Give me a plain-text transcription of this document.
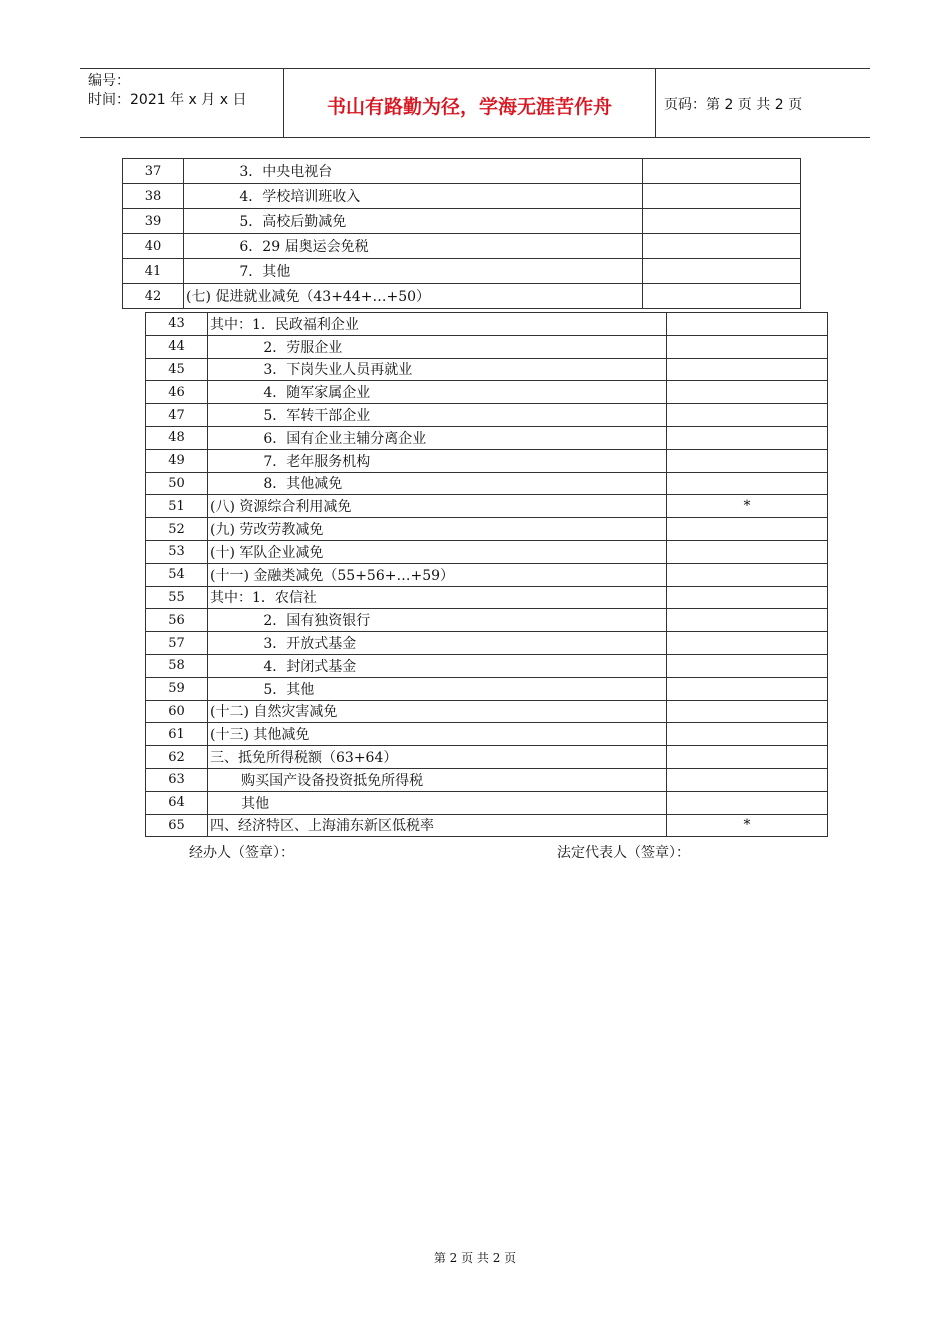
编号：
时间：2021 年 x 月 x 日	书山有路勤为径，学海无涯苦作舟	页码：第 2 页 共 2 页
37	3．中央电视台	
38	4．学校培训班收入	
39	5．高校后勤减免	
40	6．29 届奥运会免税	
41	7．其他	
42	(七) 促进就业减免（43+44+…+50）	
43	其中：1．民政福利企业	
44	2．劳服企业	
45	3．下岗失业人员再就业	
46	4．随军家属企业	
47	5．军转干部企业	
48	6．国有企业主辅分离企业	
49	7．老年服务机构	
50	8．其他减免	
51	(八) 资源综合利用减免	*
52	(九) 劳改劳教减免	
53	(十) 军队企业减免	
54	(十一) 金融类减免（55+56+…+59）	
55	其中：1．农信社	
56	2．国有独资银行	
57	3．开放式基金	
58	4．封闭式基金	
59	5．其他	
60	(十二) 自然灾害减免	
61	(十三) 其他减免	
62	三、抵免所得税额（63+64）	
63	购买国产设备投资抵免所得税	
64	其他	
65	四、经济特区、上海浦东新区低税率	*
经办人（签章）：	法定代表人（签章）：
第 2 页 共 2 页
